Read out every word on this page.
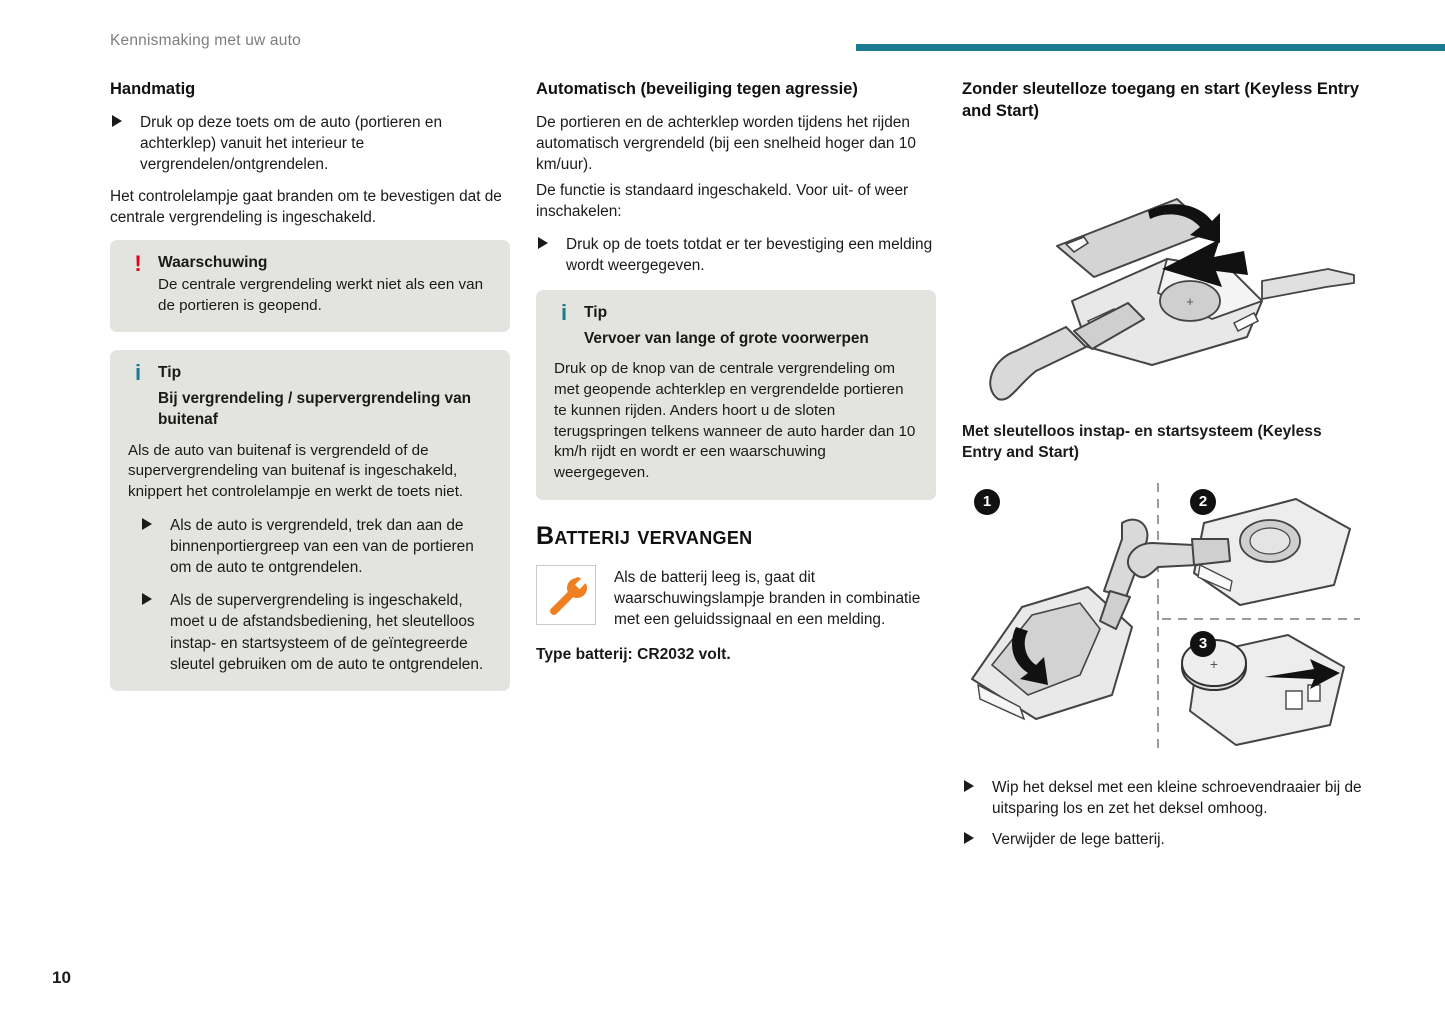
Kennismaking met uw auto
Handmatig
Druk op deze toets om de auto (portieren en achterklep) vanuit het interieur te vergrendelen/ontgrendelen.

Het controlelampje gaat branden om te bevestigen dat de centrale vergrendeling is ingeschakeld.

! Waarschuwing
De centrale vergrendeling werkt niet als een van de portieren is geopend.
i Tip
Bij vergrendeling / supervergrendeling van buitenaf
Als de auto van buitenaf is vergrendeld of de supervergrendeling van buitenaf is ingeschakeld, knippert het controlelampje en werkt de toets niet.
Als de auto is vergrendeld, trek dan aan de binnenportiergreep van een van de portieren om de auto te ontgrendelen.
Als de supervergrendeling is ingeschakeld, moet u de afstandsbediening, het sleutelloos instap- en startsysteem of de geïntegreerde sleutel gebruiken om de auto te ontgrendelen.
Automatisch (beveiliging tegen agressie)

De portieren en de achterklep worden tijdens het rijden automatisch vergrendeld (bij een snelheid hoger dan 10 km/uur).

De functie is standaard ingeschakeld. Voor uit- of weer inschakelen:

Druk op de toets totdat er ter bevestiging een melding wordt weergegeven.
i Tip
Vervoer van lange of grote voorwerpen
Druk op de knop van de centrale vergrendeling om met geopende achterklep en vergrendelde portieren te kunnen rijden. Anders hoort u de sloten terugspringen telkens wanneer de auto harder dan 10 km/h rijdt en wordt er een waarschuwing weergegeven.
Batterij vervangen
Als de batterij leeg is, gaat dit waarschuwingslampje branden in combinatie met een geluidssignaal en een melding.
Type batterij: CR2032 volt.
Zonder sleutelloze toegang en start (Keyless Entry and Start)
+
Met sleutelloos instap- en startsysteem (Keyless Entry and Start)
+
1	2
3
Wip het deksel met een kleine schroevendraaier bij de uitsparing los en zet het deksel omhoog.
Verwijder de lege batterij.
10
